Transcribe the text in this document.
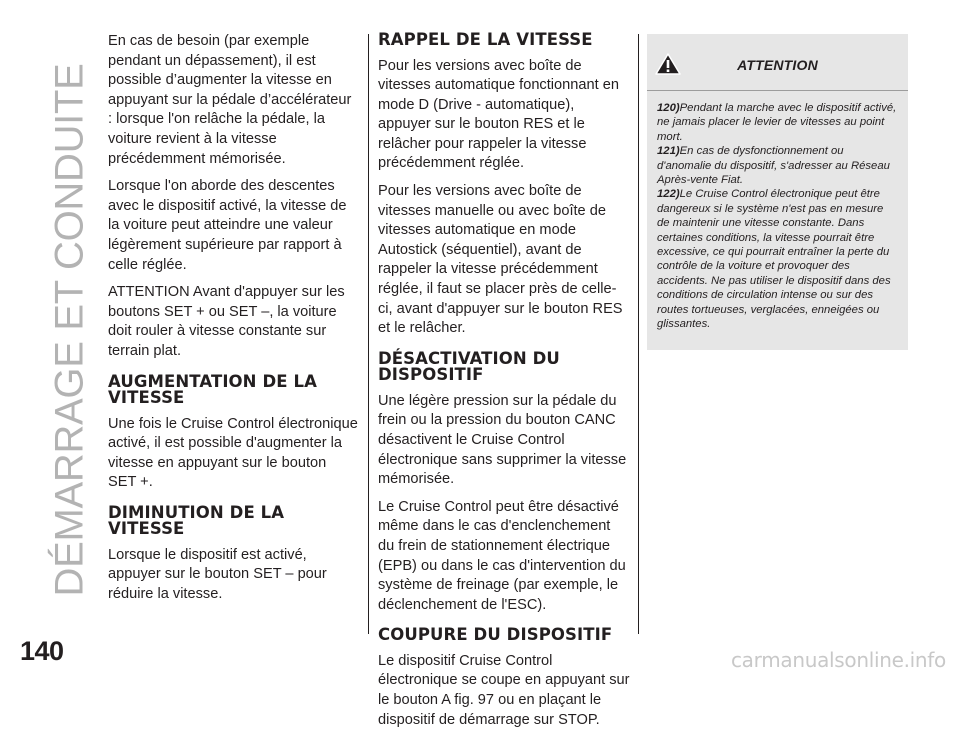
DÉMARRAGE ET CONDUITE

En cas de besoin (par exemple pendant un dépassement), il est possible d’augmenter la vitesse en appuyant sur la pédale d’accélérateur : lorsque l'on relâche la pédale, la voiture revient à la vitesse précédemment mémorisée.

Lorsque l'on aborde des descentes avec le dispositif activé, la vitesse de la voiture peut atteindre une valeur légèrement supérieure par rapport à celle réglée.

ATTENTION Avant d'appuyer sur les boutons SET + ou SET –, la voiture doit rouler à vitesse constante sur terrain plat.

AUGMENTATION DE LA VITESSE

Une fois le Cruise Control électronique activé, il est possible d'augmenter la vitesse en appuyant sur le bouton SET +.

DIMINUTION DE LA VITESSE

Lorsque le dispositif est activé, appuyer sur le bouton SET – pour réduire la vitesse.

RAPPEL DE LA VITESSE

Pour les versions avec boîte de vitesses automatique fonctionnant en mode D (Drive - automatique), appuyer sur le bouton RES et le relâcher pour rappeler la vitesse précédemment réglée.

Pour les versions avec boîte de vitesses manuelle ou avec boîte de vitesses automatique en mode Autostick (séquentiel), avant de rappeler la vitesse précédemment réglée, il faut se placer près de celle-ci, avant d'appuyer sur le bouton RES et le relâcher.

DÉSACTIVATION DU DISPOSITIF

Une légère pression sur la pédale du frein ou la pression du bouton CANC désactivent le Cruise Control électronique sans supprimer la vitesse mémorisée.

Le Cruise Control peut être désactivé même dans le cas d'enclenchement du frein de stationnement électrique (EPB) ou dans le cas d'intervention du système de freinage (par exemple, le déclenchement de l'ESC).

COUPURE DU DISPOSITIF

Le dispositif Cruise Control électronique se coupe en appuyant sur le bouton A fig. 97 ou en plaçant le dispositif de démarrage sur STOP.

ATTENTION

120)Pendant la marche avec le dispositif activé, ne jamais placer le levier de vitesses au point mort.

121)En cas de dysfonctionnement ou d'anomalie du dispositif, s'adresser au Réseau Après-vente Fiat.

122)Le Cruise Control électronique peut être dangereux si le système n'est pas en mesure de maintenir une vitesse constante. Dans certaines conditions, la vitesse pourrait être excessive, ce qui pourrait entraîner la perte du contrôle de la voiture et provoquer des accidents. Ne pas utiliser le dispositif dans des conditions de circulation intense ou sur des routes tortueuses, verglacées, enneigées ou glissantes.

140	carmanualsonline.info
